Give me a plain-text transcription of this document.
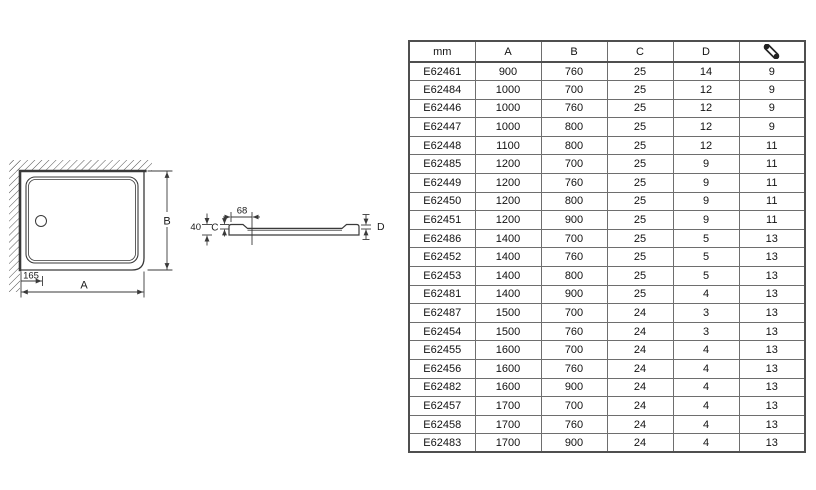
B
A
165
68
40 C	D
mm	A	B	C	D	
E62461	900	760	25	14	9
E62484	1000	700	25	12	9
E62446	1000	760	25	12	9
E62447	1000	800	25	12	9
E62448	1100	800	25	12	11
E62485	1200	700	25	9	11
E62449	1200	760	25	9	11
E62450	1200	800	25	9	11
E62451	1200	900	25	9	11
E62486	1400	700	25	5	13
E62452	1400	760	25	5	13
E62453	1400	800	25	5	13
E62481	1400	900	25	4	13
E62487	1500	700	24	3	13
E62454	1500	760	24	3	13
E62455	1600	700	24	4	13
E62456	1600	760	24	4	13
E62482	1600	900	24	4	13
E62457	1700	700	24	4	13
E62458	1700	760	24	4	13
E62483	1700	900	24	4	13
